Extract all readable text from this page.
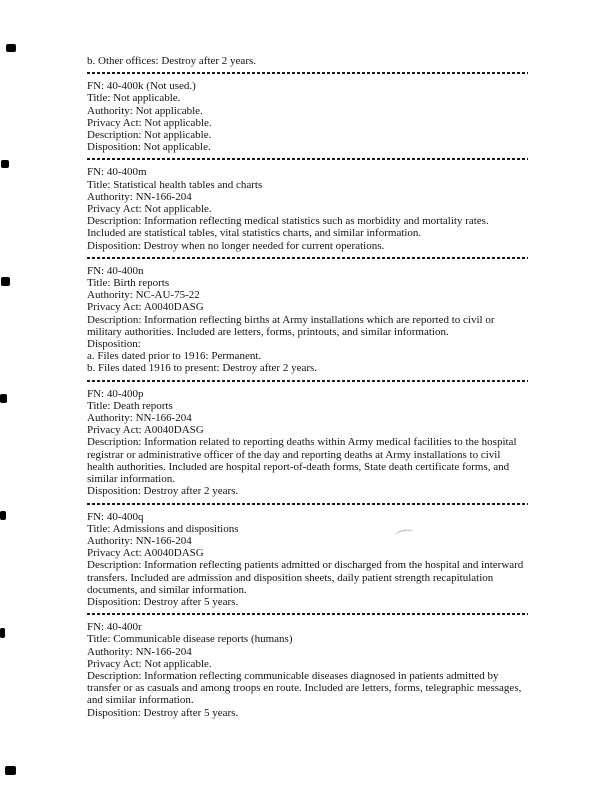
b. Other offices: Destroy after 2 years.
FN: 40-400k (Not used.)
Title: Not applicable.
Authority: Not applicable.
Privacy Act: Not applicable.
Description: Not applicable.
Disposition: Not applicable.
FN: 40-400m
Title: Statistical health tables and charts
Authority: NN-166-204
Privacy Act: Not applicable.
Description: Information reflecting medical statistics such as morbidity and mortality rates. Included are statistical tables, vital statistics charts, and similar information.
Disposition: Destroy when no longer needed for current operations.
FN: 40-400n
Title: Birth reports
Authority: NC-AU-75-22
Privacy Act: A0040DASG
Description: Information reflecting births at Army installations which are reported to civil or military authorities. Included are letters, forms, printouts, and similar information.
Disposition:
a. Files dated prior to 1916: Permanent.
b. Files dated 1916 to present: Destroy after 2 years.
FN: 40-400p
Title: Death reports
Authority: NN-166-204
Privacy Act: A0040DASG
Description: Information related to reporting deaths within Army medical facilities to the hospital registrar or administrative officer of the day and reporting deaths at Army installations to civil health authorities. Included are hospital report-of-death forms, State death certificate forms, and similar information.
Disposition: Destroy after 2 years.
FN: 40-400q
Title: Admissions and dispositions
Authority: NN-166-204
Privacy Act: A0040DASG
Description: Information reflecting patients admitted or discharged from the hospital and interward transfers. Included are admission and disposition sheets, daily patient strength recapitulation documents, and similar information.
Disposition: Destroy after 5 years.
FN: 40-400r
Title: Communicable disease reports (humans)
Authority: NN-166-204
Privacy Act: Not applicable.
Description: Information reflecting communicable diseases diagnosed in patients admitted by transfer or as casuals and among troops en route. Included are letters, forms, telegraphic messages, and similar information.
Disposition: Destroy after 5 years.
